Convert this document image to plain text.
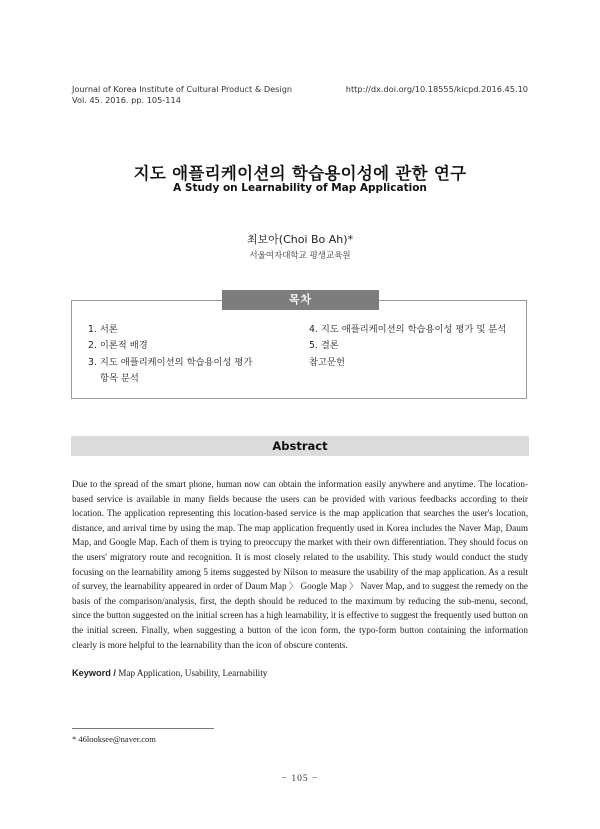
Journal of Korea Institute of Cultural Product & Design
Vol. 45. 2016. pp. 105-114
http://dx.doi.org/10.18555/kicpd.2016.45.10
지도 애플리케이션의 학습용이성에 관한 연구
A Study on Learnability of Map Application
최보아(Choi Bo Ah)*
서울여자대학교 평생교육원
목차
1. 서론
2. 이론적 배경
3. 지도 애플리케이션의 학습용이성 평가
항목 분석
4. 지도 애플리케이션의 학습용이성 평가 및 분석
5. 결론
참고문헌
Abstract
Due to the spread of the smart phone, human now can obtain the information easily anywhere and anytime. The location-based service is available in many fields because the users can be provided with various feedbacks according to their location. The application representing this location-based service is the map application that searches the user's location, distance, and arrival time by using the map. The map application frequently used in Korea includes the Naver Map, Daum Map, and Google Map. Each of them is trying to preoccupy the market with their own differentiation. They should focus on the users' migratory route and recognition. It is most closely related to the usability. This study would conduct the study focusing on the learnability among 5 items suggested by Nilson to measure the usability of the map application. As a result of survey, the learnability appeared in order of Daum Map 〉 Google Map 〉 Naver Map, and to suggest the remedy on the basis of the comparison/analysis, first, the depth should be reduced to the maximum by reducing the sub-menu, second, since the button suggested on the initial screen has a high learnability, it is effective to suggest the frequently used button on the initial screen. Finally, when suggesting a button of the icon form, the typo-form button containing the information clearly is more helpful to the learnability than the icon of obscure contents.
Keyword / Map Application, Usability, Learnability
* 46looksee@naver.com
− 105 −
